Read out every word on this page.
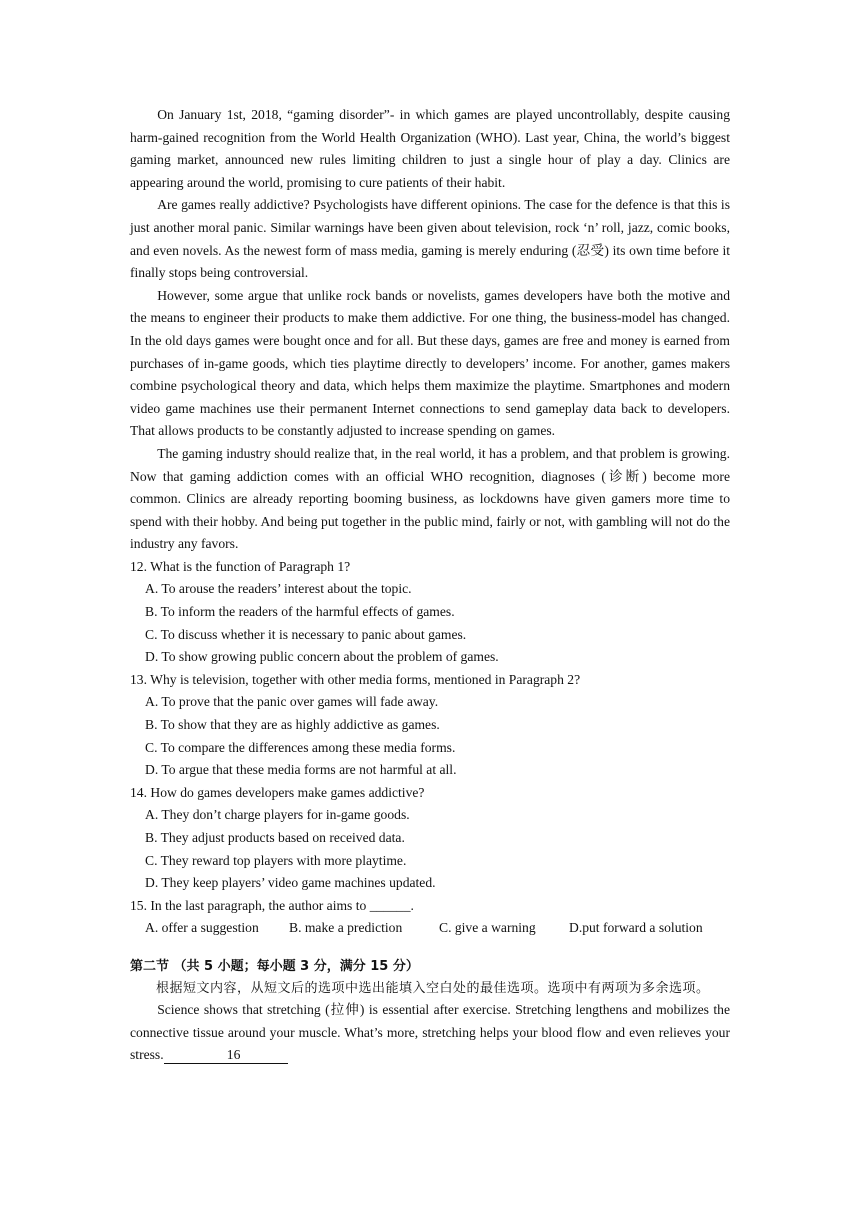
On January 1st, 2018, “gaming disorder”- in which games are played uncontrollably, despite causing harm-gained recognition from the World Health Organization (WHO). Last year, China, the world’s biggest gaming market, announced new rules limiting children to just a single hour of play a day. Clinics are appearing around the world, promising to cure patients of their habit.

Are games really addictive? Psychologists have different opinions. The case for the defence is that this is just another moral panic. Similar warnings have been given about television, rock ‘n’ roll, jazz, comic books, and even novels. As the newest form of mass media, gaming is merely enduring (忍受) its own time before it finally stops being controversial.

However, some argue that unlike rock bands or novelists, games developers have both the motive and the means to engineer their products to make them addictive. For one thing, the business-model has changed. In the old days games were bought once and for all. But these days, games are free and money is earned from purchases of in-game goods, which ties playtime directly to developers’ income. For another, games makers combine psychological theory and data, which helps them maximize the playtime. Smartphones and modern video game machines use their permanent Internet connections to send gameplay data back to developers. That allows products to be constantly adjusted to increase spending on games.

The gaming industry should realize that, in the real world, it has a problem, and that problem is growing. Now that gaming addiction comes with an official WHO recognition, diagnoses (诊断) become more common. Clinics are already reporting booming business, as lockdowns have given gamers more time to spend with their hobby. And being put together in the public mind, fairly or not, with gambling will not do the industry any favors.

12. What is the function of Paragraph 1?

A. To arouse the readers’ interest about the topic.

B. To inform the readers of the harmful effects of games.

C. To discuss whether it is necessary to panic about games.

D. To show growing public concern about the problem of games.

13. Why is television, together with other media forms, mentioned in Paragraph 2?

A. To prove that the panic over games will fade away.

B. To show that they are as highly addictive as games.

C. To compare the differences among these media forms.

D. To argue that these media forms are not harmful at all.

14. How do games developers make games addictive?

A. They don’t charge players for in-game goods.

B. They adjust products based on received data.

C. They reward top players with more playtime.

D. They keep players’ video game machines updated.

15. In the last paragraph, the author aims to ______.

A. offer a suggestion B. make a prediction	C. give a warning D.put forward a solution

第二节 （共 5 小题；每小题 3 分，满分 15 分）

根据短文内容，从短文后的选项中选出能填入空白处的最佳选项。选项中有两项为多余选项。

Science shows that stretching (拉伸) is essential after exercise. Stretching lengthens and mobilizes the connective tissue around your muscle. What’s more, stretching helps your blood flow and even relieves your stress.	16
